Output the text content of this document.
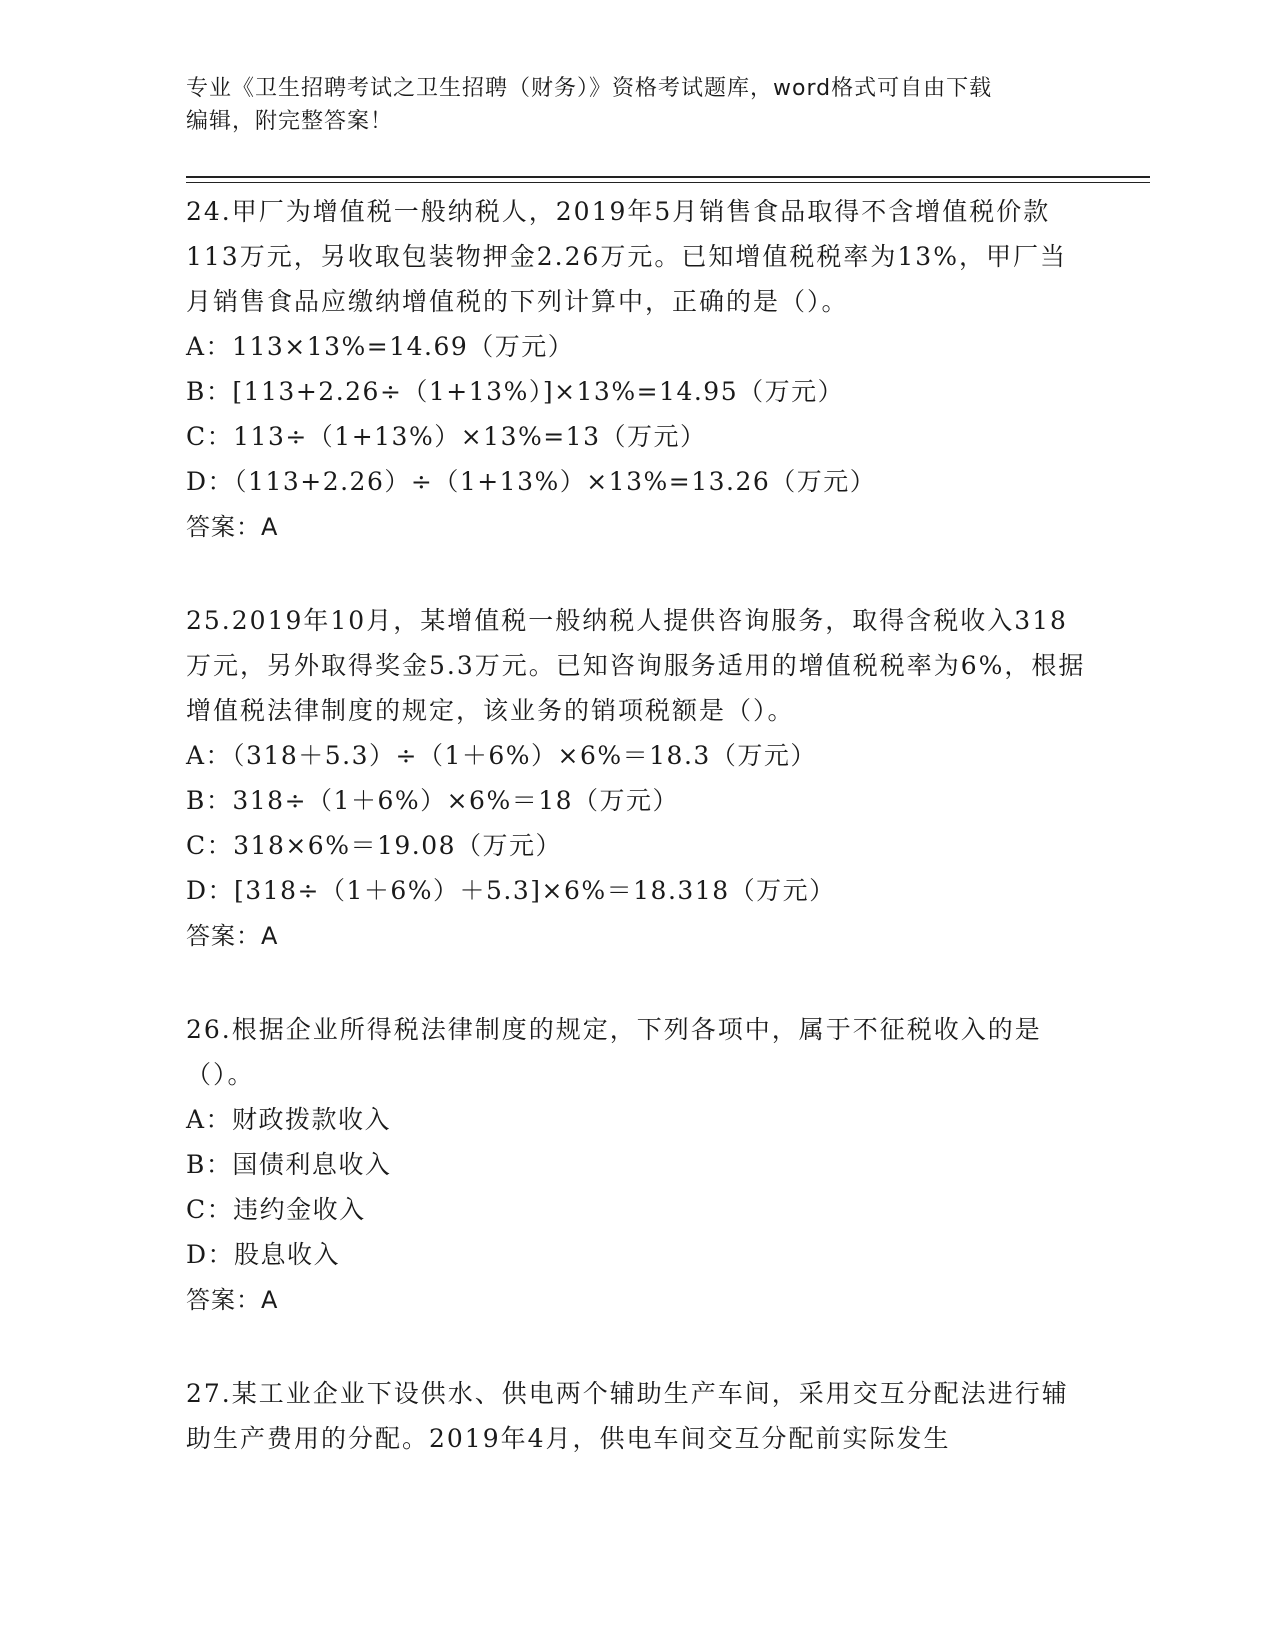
专业《卫生招聘考试之卫生招聘（财务）》资格考试题库，word格式可自由下载
编辑，附完整答案！

24.甲厂为增值税一般纳税人，2019年5月销售食品取得不含增值税价款113万元，另收取包装物押金2.26万元。已知增值税税率为13%，甲厂当月销售食品应缴纳增值税的下列计算中，正确的是（）。

A：113×13%=14.69（万元）

B：[113+2.26÷（1+13%）]×13%=14.95（万元）

C：113÷（1+13%）×13%=13（万元）

D：（113+2.26）÷（1+13%）×13%=13.26（万元）

答案：A

25.2019年10月，某增值税一般纳税人提供咨询服务，取得含税收入318万元，另外取得奖金5.3万元。已知咨询服务适用的增值税税率为6%，根据增值税法律制度的规定，该业务的销项税额是（）。

A：（318＋5.3）÷（1＋6%）×6%＝18.3（万元）

B：318÷（1＋6%）×6%＝18（万元）

C：318×6%＝19.08（万元）

D：[318÷（1＋6%）＋5.3]×6%＝18.318（万元）

答案：A

26.根据企业所得税法律制度的规定，下列各项中，属于不征税收入的是（）。

A：财政拨款收入

B：国债利息收入

C：违约金收入

D：股息收入

答案：A

27.某工业企业下设供水、供电两个辅助生产车间，采用交互分配法进行辅助生产费用的分配。2019年4月，供电车间交互分配前实际发生
